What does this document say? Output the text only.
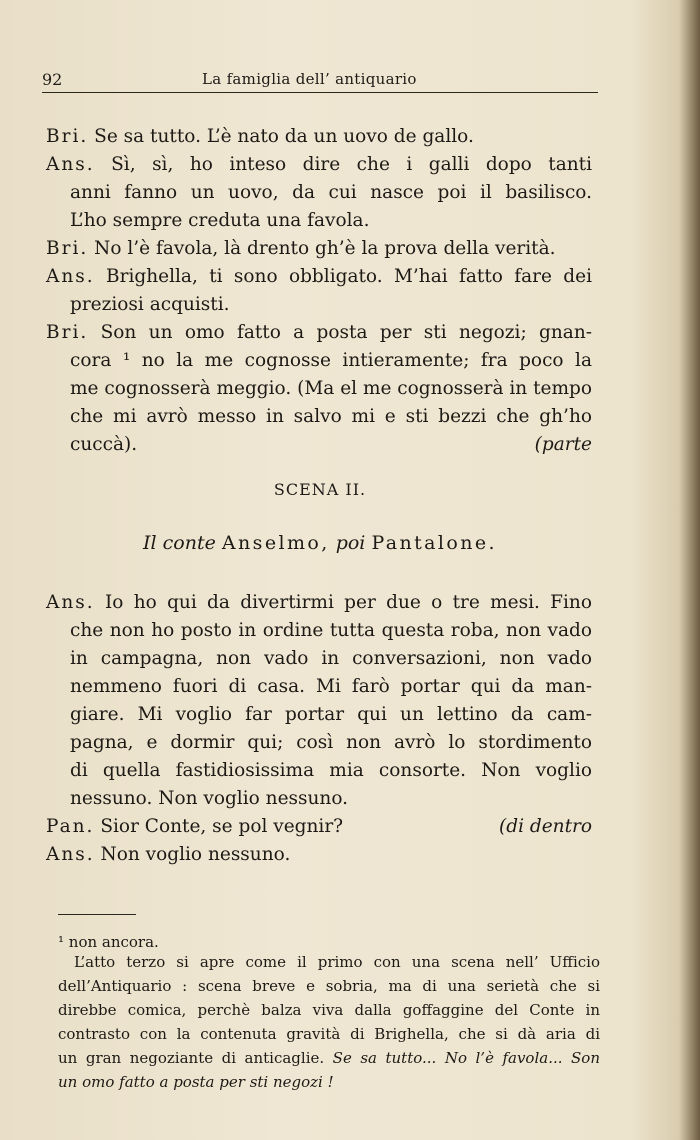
92	La famiglia dell’ antiquario
Bri. Se sa tutto. L’è nato da un uovo de gallo.
Ans. Sì, sì, ho inteso dire che i galli dopo tanti
anni fanno un uovo, da cui nasce poi il basilisco.
L’ho sempre creduta una favola.
Bri. No l’è favola, là drento gh’è la prova della verità.
Ans. Brighella, ti sono obbligato. M’hai fatto fare dei
preziosi acquisti.
Bri. Son un omo fatto a posta per sti negozi; gnan-
cora ¹ no la me cognosse intieramente; fra poco la
me cognosserà meggio. (Ma el me cognosserà in tempo
che mi avrò messo in salvo mi e sti bezzi che gh’ho
cuccà).	(parte
SCENA II.
Il conte Anselmo, poi Pantalone.
Ans. Io ho qui da divertirmi per due o tre mesi. Fino
che non ho posto in ordine tutta questa roba, non vado
in campagna, non vado in conversazioni, non vado
nemmeno fuori di casa. Mi farò portar qui da man-
giare. Mi voglio far portar qui un lettino da cam-
pagna, e dormir qui; così non avrò lo stordimento
di quella fastidiosissima mia consorte. Non voglio
nessuno. Non voglio nessuno.
Pan. Sior Conte, se pol vegnir?	(di dentro
Ans. Non voglio nessuno.
¹ non ancora.
L’atto terzo si apre come il primo con una scena nell’ Ufficio
dell’Antiquario : scena breve e sobria, ma di una serietà che si
direbbe comica, perchè balza viva dalla goffaggine del Conte in
contrasto con la contenuta gravità di Brighella, che si dà aria di
un gran negoziante di anticaglie. Se sa tutto... No l’è favola... Son
un omo fatto a posta per sti negozi !
